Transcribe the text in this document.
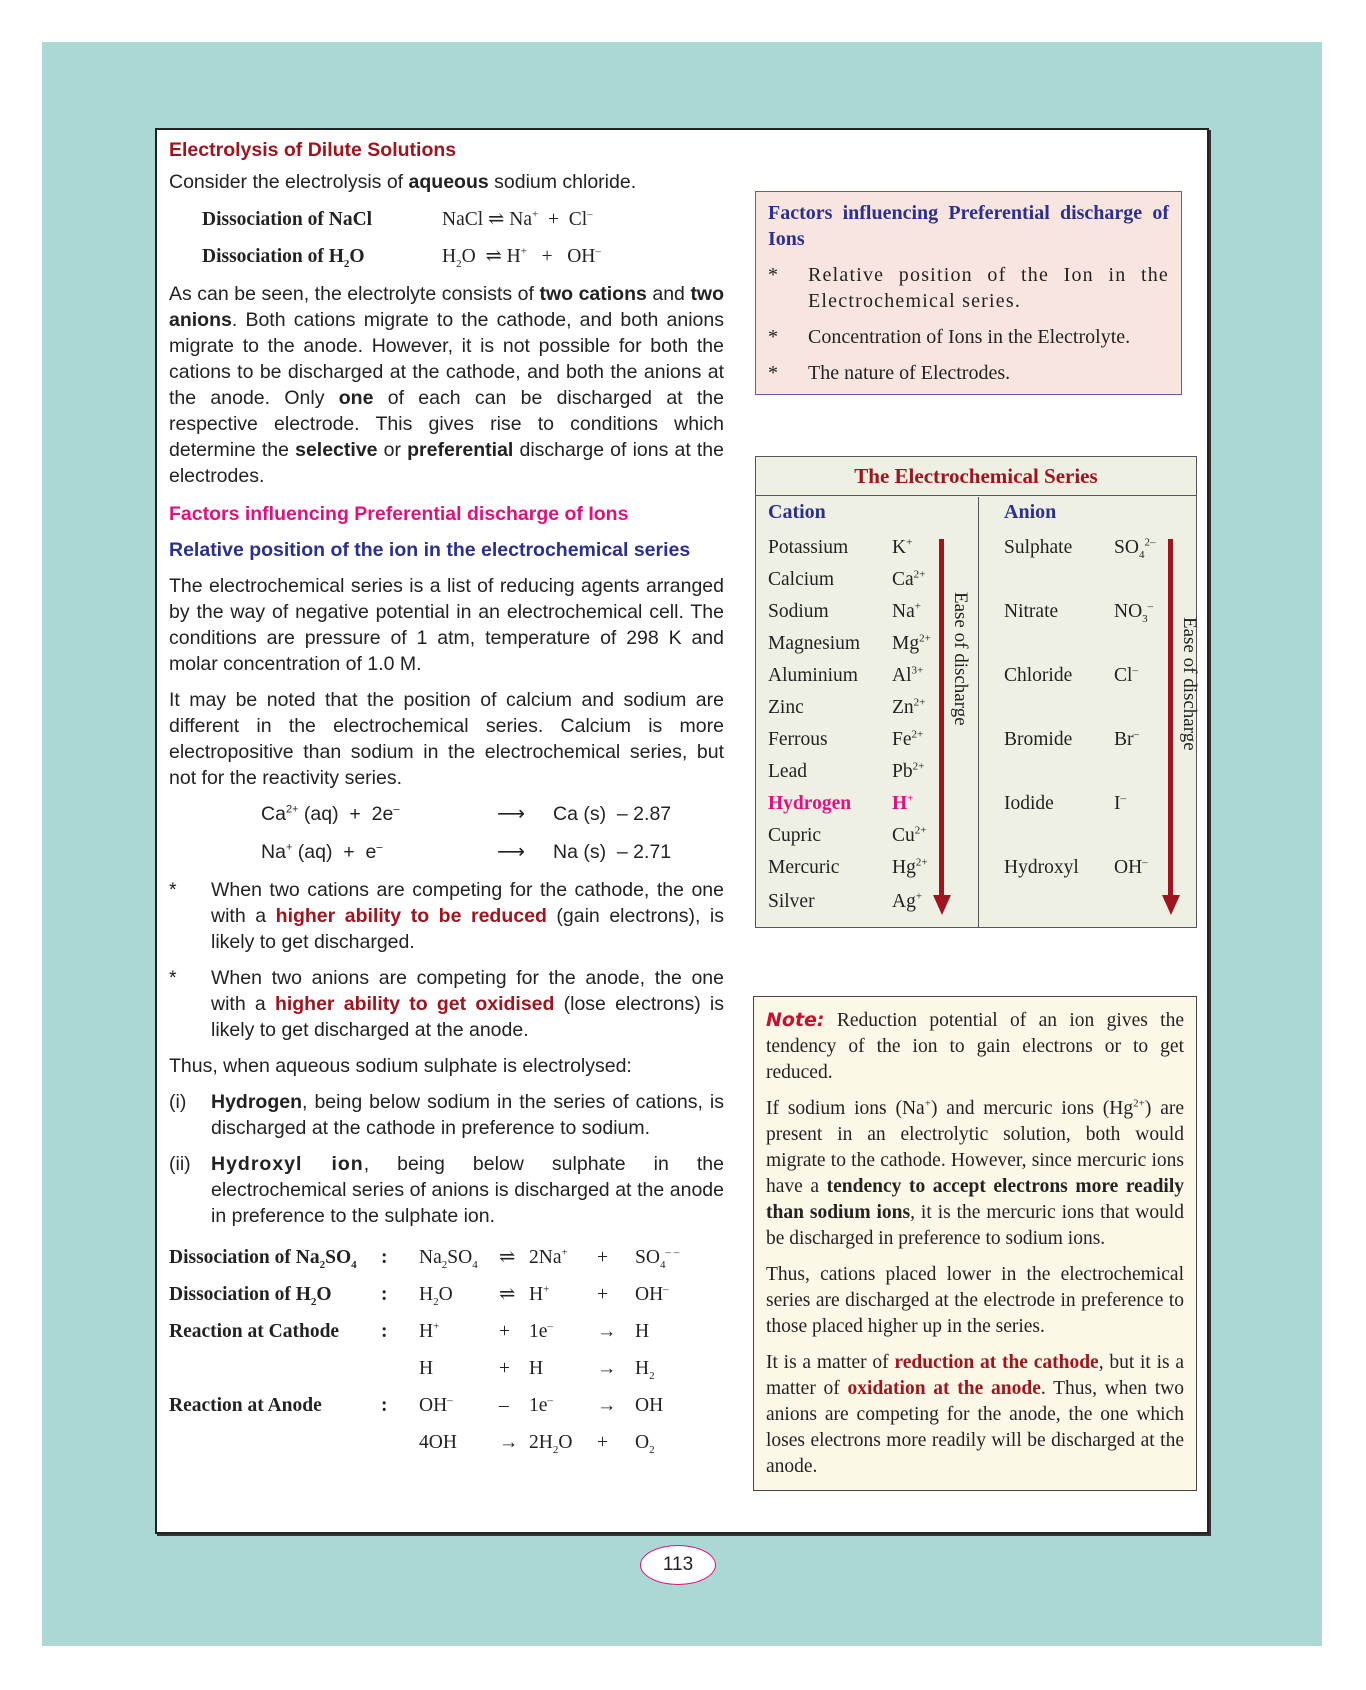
Electrolysis of Dilute Solutions

Consider the electrolysis of aqueous sodium chloride.

Dissociation of NaCl	NaCl ⇌ Na+ + Cl–
Dissociation of $H_2O$	$H_2O$ ⇌ H+ + OH–

As can be seen, the electrolyte consists of two cations and two anions. Both cations migrate to the cathode, and both anions migrate to the anode. However, it is not possible for both the cations to be discharged at the cathode, and both the anions at the anode. Only one of each can be discharged at the respective electrode. This gives rise to conditions which determine the selective or preferential discharge of ions at the electrodes.

Factors influencing Preferential discharge of Ions
Relative position of the ion in the electrochemical series

The electrochemical series is a list of reducing agents arranged by the way of negative potential in an electrochemical cell. The conditions are pressure of 1 atm, temperature of 298 K and molar concentration of 1.0 M.

It may be noted that the position of calcium and sodium are different in the electrochemical series. Calcium is more electropositive than sodium in the electrochemical series, but not for the reactivity series.

$Ca^{2+}$ (aq)  +  2e–	⟶	Ca (s)  – 2.87
Na+ (aq)  +  e–	⟶	Na (s)  – 2.71
*	When two cations are competing for the cathode, the one with a higher ability to be reduced (gain electrons), is likely to get discharged.
*	When two anions are competing for the anode, the one with a higher ability to get oxidised (lose electrons) is likely to get discharged at the anode.

Thus, when aqueous sodium sulphate is electrolysed:

(i)	Hydrogen, being below sodium in the series of cations, is discharged at the cathode in preference to sodium.
(ii)	Hydroxyl ion, being below sulphate in the electrochemical series of anions is discharged at the anode in preference to the sulphate ion.
Dissociation of $Na_2SO_4$	:	$Na_2SO_4$	⇌	2Na+	+	$SO_4^{- -}$
Dissociation of $H_2O$	:	$H_2O$	⇌	H+	+	OH–
Reaction at Cathode	:	H+	+	1e–	→	H
		H	+	H	→	$H_2$
Reaction at Anode	:	OH–	–	1e–	→	OH
		4OH	→	$2H_2O$	+	$O_2$
Factors influencing Preferential discharge of Ions
*	Relative position of the Ion in the Electrochemical series.
*	Concentration of Ions in the Electrolyte.
*	The nature of Electrodes.
The Electrochemical Series
Cation
Potassium K+
Calcium	$Ca^{2+}$
Sodium	Na+
Magnesium $Mg^{2+}$
Aluminium $Al^{3+}$
Zinc	$Zn^{2+}$
Ferrous	$Fe^{2+}$
Lead	$Pb^{2+}$
Hydrogen H+
Cupric	$Cu^{2+}$
Mercuric	$Hg^{2+}$
Silver	Ag+
Ease of discharge
Anion
Sulphate $SO_4^{2-}$
Nitrate	$NO_3^-$
Chloride Cl–
Bromide Br–
Iodide	I–
Hydroxyl OH–
Ease of discharge

Note: Reduction potential of an ion gives the tendency of the ion to gain electrons or to get reduced.

If sodium ions (Na+) and mercuric ions $(Hg^{2+})$ are present in an electrolytic solution, both would migrate to the cathode. However, since mercuric ions have a tendency to accept electrons more readily than sodium ions, it is the mercuric ions that would be discharged in preference to sodium ions.

Thus, cations placed lower in the electrochemical series are discharged at the electrode in preference to those placed higher up in the series.

It is a matter of reduction at the cathode, but it is a matter of oxidation at the anode. Thus, when two anions are competing for the anode, the one which loses electrons more readily will be discharged at the anode.

113
